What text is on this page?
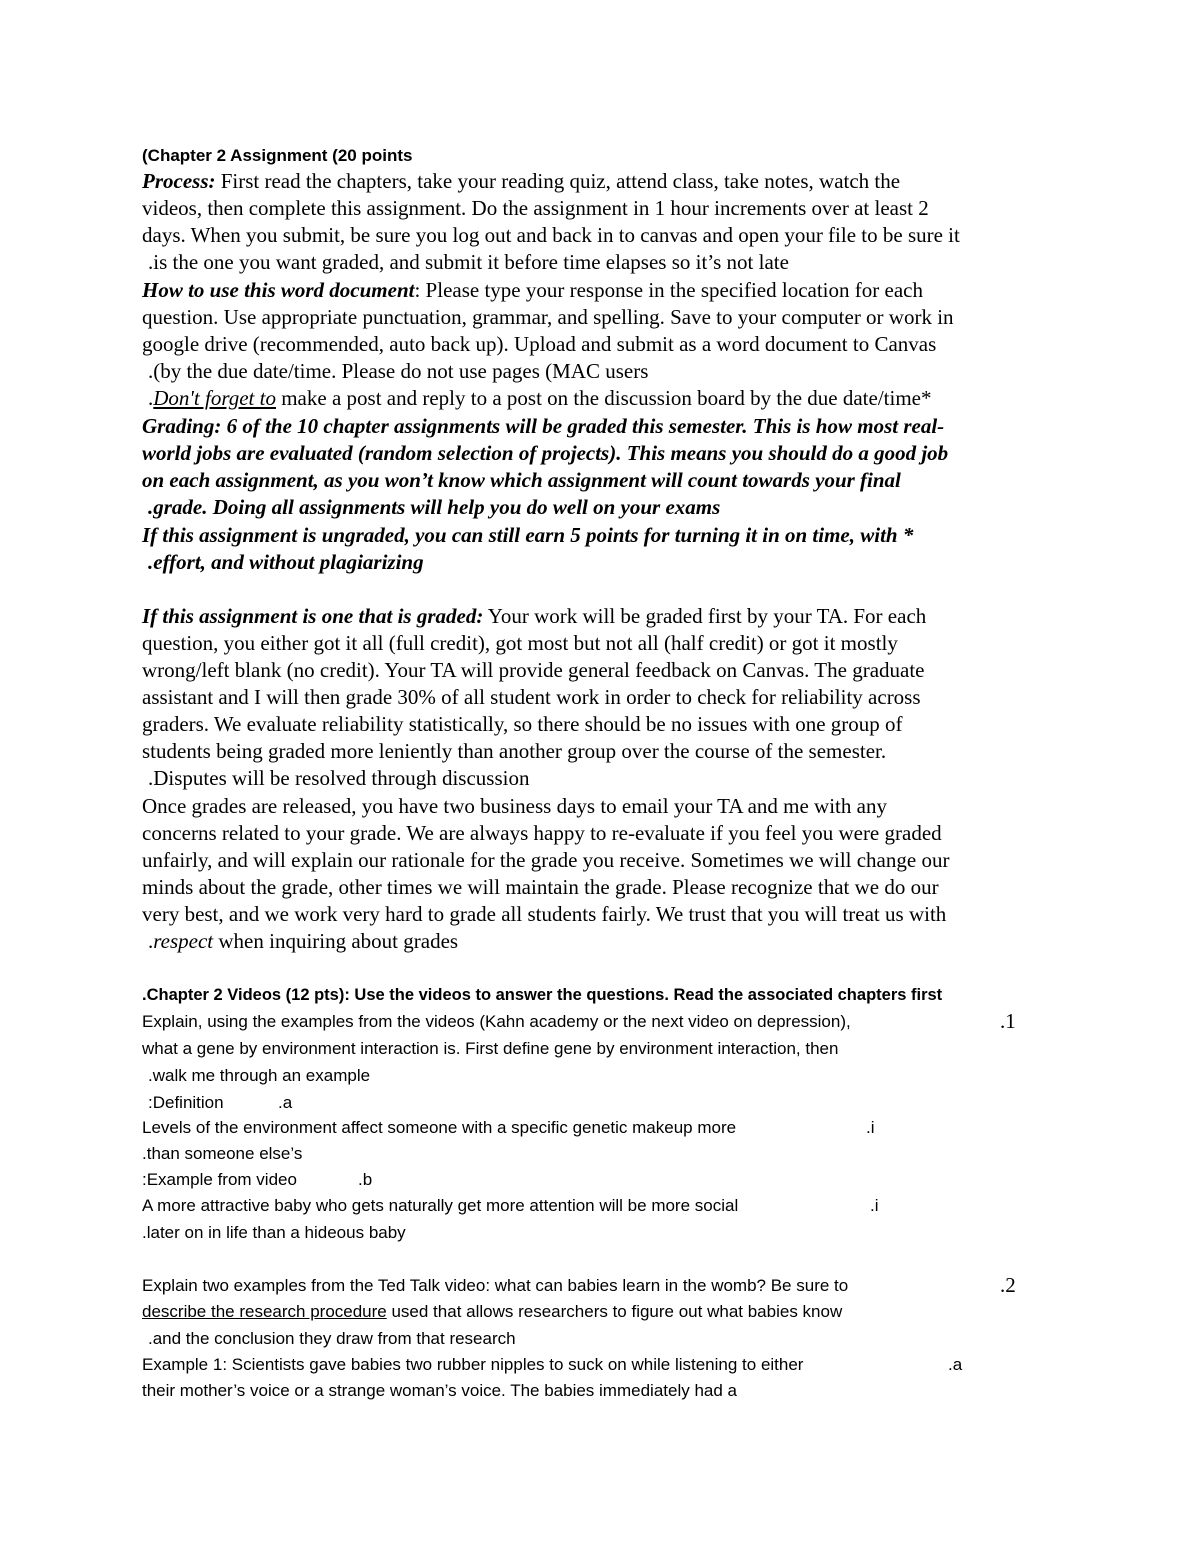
(Chapter 2 Assignment (20 points
Process: First read the chapters, take your reading quiz, attend class, take notes, watch the
videos, then complete this assignment. Do the assignment in 1 hour increments over at least 2
days. When you submit, be sure you log out and back in to canvas and open your file to be sure it
.is the one you want graded, and submit it before time elapses so it’s not late
How to use this word document: Please type your response in the specified location for each
question. Use appropriate punctuation, grammar, and spelling. Save to your computer or work in
google drive (recommended, auto back up). Upload and submit as a word document to Canvas
.(by the due date/time. Please do not use pages (MAC users
.Don't forget to make a post and reply to a post on the discussion board by the due date/time*
Grading: 6 of the 10 chapter assignments will be graded this semester. This is how most real-
world jobs are evaluated (random selection of projects). This means you should do a good job
on each assignment, as you won’t know which assignment will count towards your final
.grade. Doing all assignments will help you do well on your exams
If this assignment is ungraded, you can still earn 5 points for turning it in on time, with *
.effort, and without plagiarizing
If this assignment is one that is graded: Your work will be graded first by your TA. For each
question, you either got it all (full credit), got most but not all (half credit) or got it mostly
wrong/left blank (no credit). Your TA will provide general feedback on Canvas. The graduate
assistant and I will then grade 30% of all student work in order to check for reliability across
graders. We evaluate reliability statistically, so there should be no issues with one group of
students being graded more leniently than another group over the course of the semester.
.Disputes will be resolved through discussion
Once grades are released, you have two business days to email your TA and me with any
concerns related to your grade. We are always happy to re-evaluate if you feel you were graded
unfairly, and will explain our rationale for the grade you receive. Sometimes we will change our
minds about the grade, other times we will maintain the grade. Please recognize that we do our
very best, and we work very hard to grade all students fairly. We trust that you will treat us with
.respect when inquiring about grades
.Chapter 2 Videos (12 pts): Use the videos to answer the questions. Read the associated chapters first
Explain, using the examples from the videos (Kahn academy or the next video on depression),	.1
what a gene by environment interaction is. First define gene by environment interaction, then
.walk me through an example
:Definition	.a
Levels of the environment affect someone with a specific genetic makeup more	.i
.than someone else’s
:Example from video	.b
A more attractive baby who gets naturally get more attention will be more social	.i
.later on in life than a hideous baby
Explain two examples from the Ted Talk video: what can babies learn in the womb? Be sure to	.2
describe the research procedure used that allows researchers to figure out what babies know
.and the conclusion they draw from that research
Example 1: Scientists gave babies two rubber nipples to suck on while listening to either	.a
their mother’s voice or a strange woman’s voice. The babies immediately had a
